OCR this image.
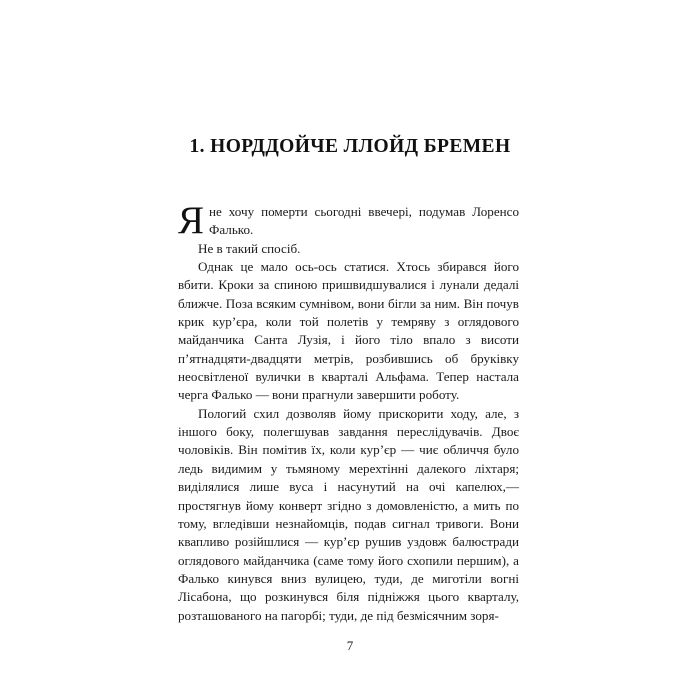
1. НОРДДОЙЧЕ ЛЛОЙД БРЕМЕН

Яне хочу померти сьогодні ввечері, подумав Лоренсо Фалько.

Не в такий спосіб.

Однак це мало ось-ось статися. Хтось збирався його вбити. Кроки за спиною пришвидшувалися і лунали дедалі ближче. Поза всяким сумнівом, вони бігли за ним. Він почув крик кур’єра, коли той полетів у темряву з оглядового майданчика Санта Лузія, і його тіло впало з висоти п’ятнадцяти-двадцяти метрів, розбившись об бруківку неосвітленої вулички в кварталі Альфама. Тепер настала черга Фалько — вони прагнули завершити роботу.

Пологий схил дозволяв йому прискорити ходу, але, з іншого боку, полегшував завдання переслідувачів. Двоє чоловіків. Він помітив їх, коли кур’єр — чиє обличчя було ледь видимим у тьмяному мерехтінні далекого ліхтаря; виділялися лише вуса і насунутий на очі капелюх,— простягнув йому конверт згідно з домовленістю, а мить по тому, вгледівши незнайомців, подав сигнал тривоги. Вони квапливо розійшлися — кур’єр рушив уздовж балюстради оглядового майданчика (саме тому його схопили першим), а Фалько кинувся вниз вулицею, туди, де миготіли вогні Лісабона, що розкинувся біля підніжжя цього кварталу, розташованого на пагорбі; туди, де під безмісячним зоря-

7
